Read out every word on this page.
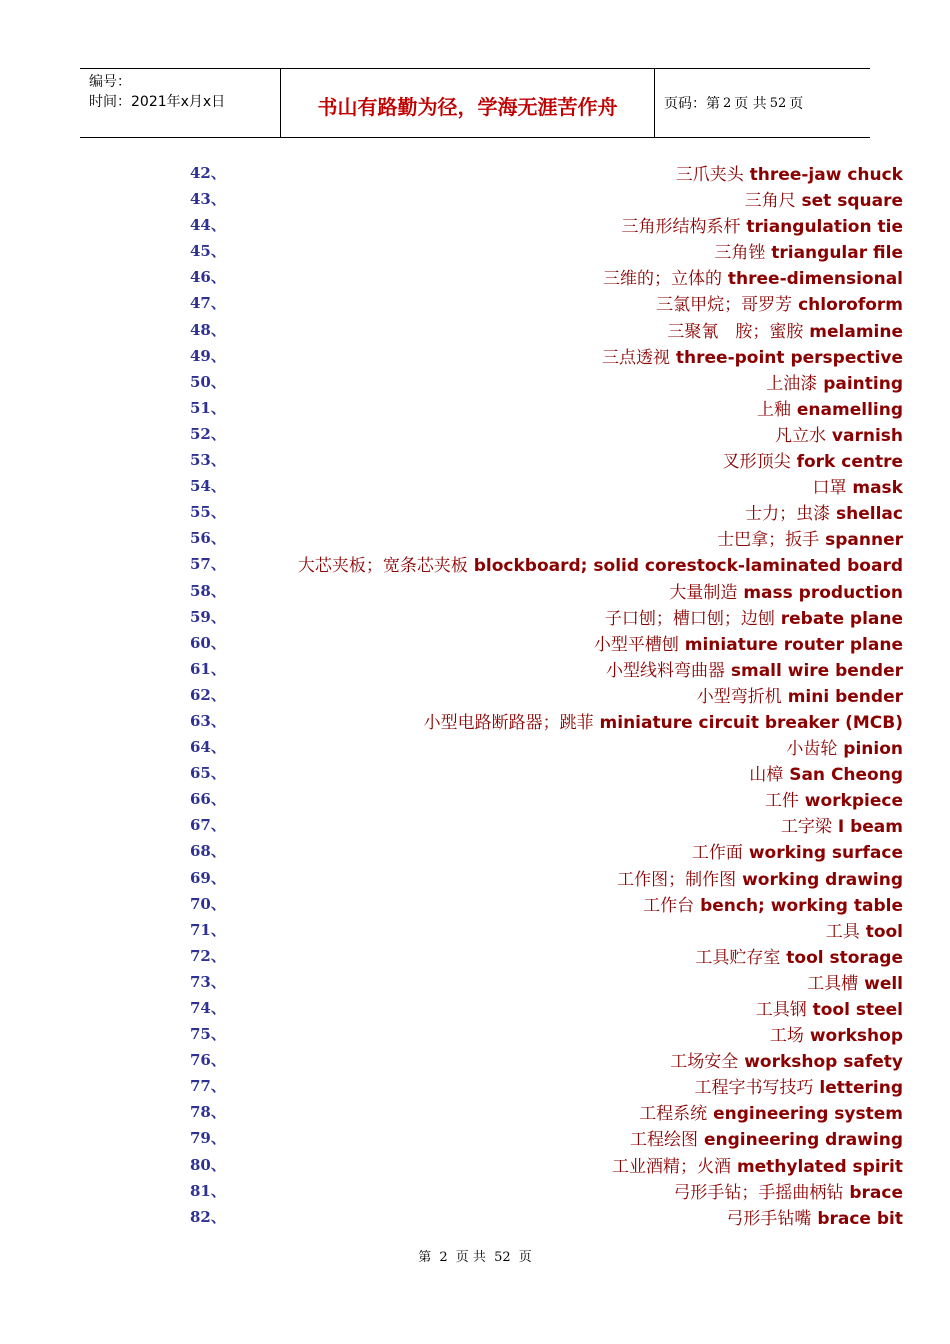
编号：
时间：2021年x月x日	书山有路勤为径，学海无涯苦作舟	页码：第 2 页 共 52 页
42、	三爪夹头 three-jaw chuck
43、	三角尺 set square
44、	三角形结构系杆 triangulation tie
45、	三角锉 triangular file
46、	三维的；立体的 three-dimensional
47、	三氯甲烷；哥罗芳 chloroform
48、	三聚氰　胺；蜜胺 melamine
49、	三点透视 three-point perspective
50、	上油漆 painting
51、	上釉 enamelling
52、	凡立水 varnish
53、	叉形顶尖 fork centre
54、	口罩 mask
55、	士力；虫漆 shellac
56、	士巴拿；扳手 spanner
57、	大芯夹板；宽条芯夹板 blockboard; solid corestock-laminated board
58、	大量制造 mass production
59、	子口刨；槽口刨；边刨 rebate plane
60、	小型平槽刨 miniature router plane
61、	小型线料弯曲器 small wire bender
62、	小型弯折机 mini bender
63、	小型电路断路器；跳菲 miniature circuit breaker (MCB)
64、	小齿轮 pinion
65、	山樟 San Cheong
66、	工件 workpiece
67、	工字梁 I beam
68、	工作面 working surface
69、	工作图；制作图 working drawing
70、	工作台 bench; working table
71、	工具 tool
72、	工具贮存室 tool storage
73、	工具槽 well
74、	工具钢 tool steel
75、	工场 workshop
76、	工场安全 workshop safety
77、	工程字书写技巧 lettering
78、	工程系统 engineering system
79、	工程绘图 engineering drawing
80、	工业酒精；火酒 methylated spirit
81、	弓形手钻；手摇曲柄钻 brace
82、	弓形手钻嘴 brace bit
第 2 页 共 52 页
